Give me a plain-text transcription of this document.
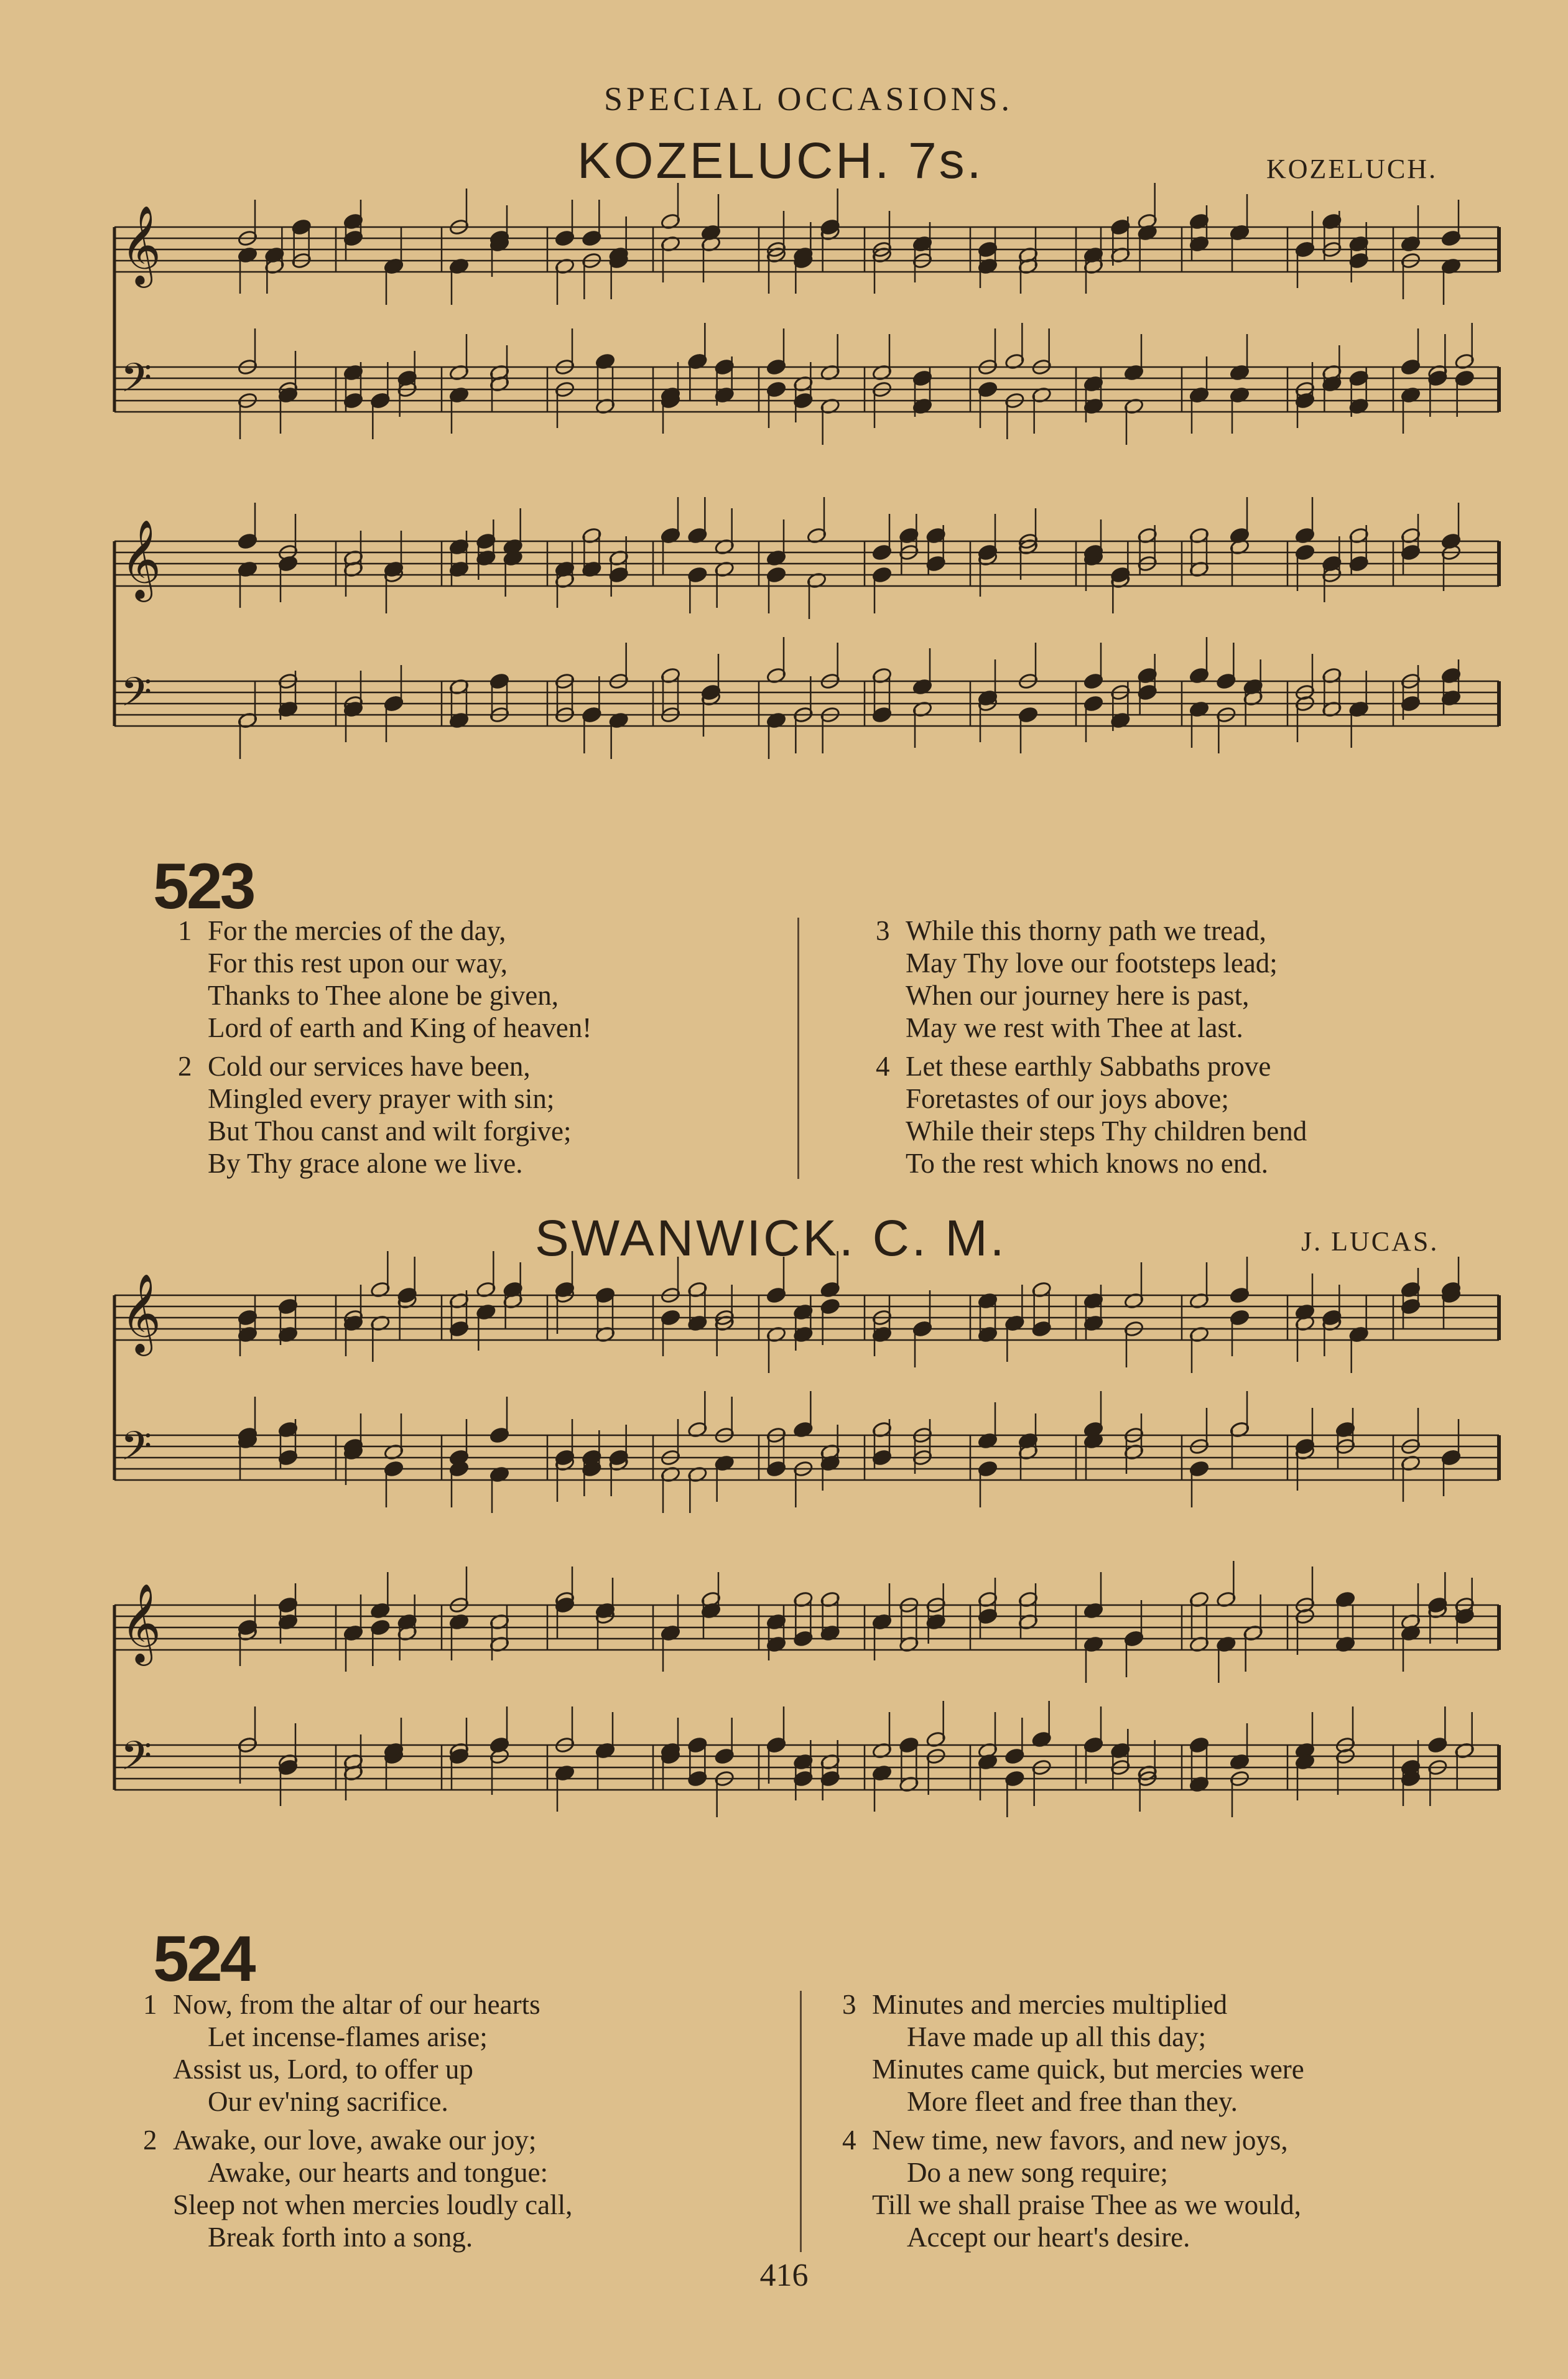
SPECIAL OCCASIONS.
KOZELUCH. 7s.	KOZELUCH.
𝄞
𝄢
𝄞
𝄢
523
1 For the mercies of the day,
For this rest upon our way,
Thanks to Thee alone be given,
Lord of earth and King of heaven!
2 Cold our services have been,
Mingled every prayer with sin;
But Thou canst and wilt forgive;
By Thy grace alone we live.
3 While this thorny path we tread,
May Thy love our footsteps lead;
When our journey here is past,
May we rest with Thee at last.
4 Let these earthly Sabbaths prove
Foretastes of our joys above;
While their steps Thy children bend
To the rest which knows no end.
SWANWICK. C. M.	J. LUCAS.
𝄞
𝄢
𝄞
𝄢
524
1 Now, from the altar of our hearts
Let incense-flames arise;
Assist us, Lord, to offer up
Our ev'ning sacrifice.
2 Awake, our love, awake our joy;
Awake, our hearts and tongue:
Sleep not when mercies loudly call,
Break forth into a song.
3 Minutes and mercies multiplied
Have made up all this day;
Minutes came quick, but mercies were
More fleet and free than they.
4 New time, new favors, and new joys,
Do a new song require;
Till we shall praise Thee as we would,
Accept our heart's desire.
416
